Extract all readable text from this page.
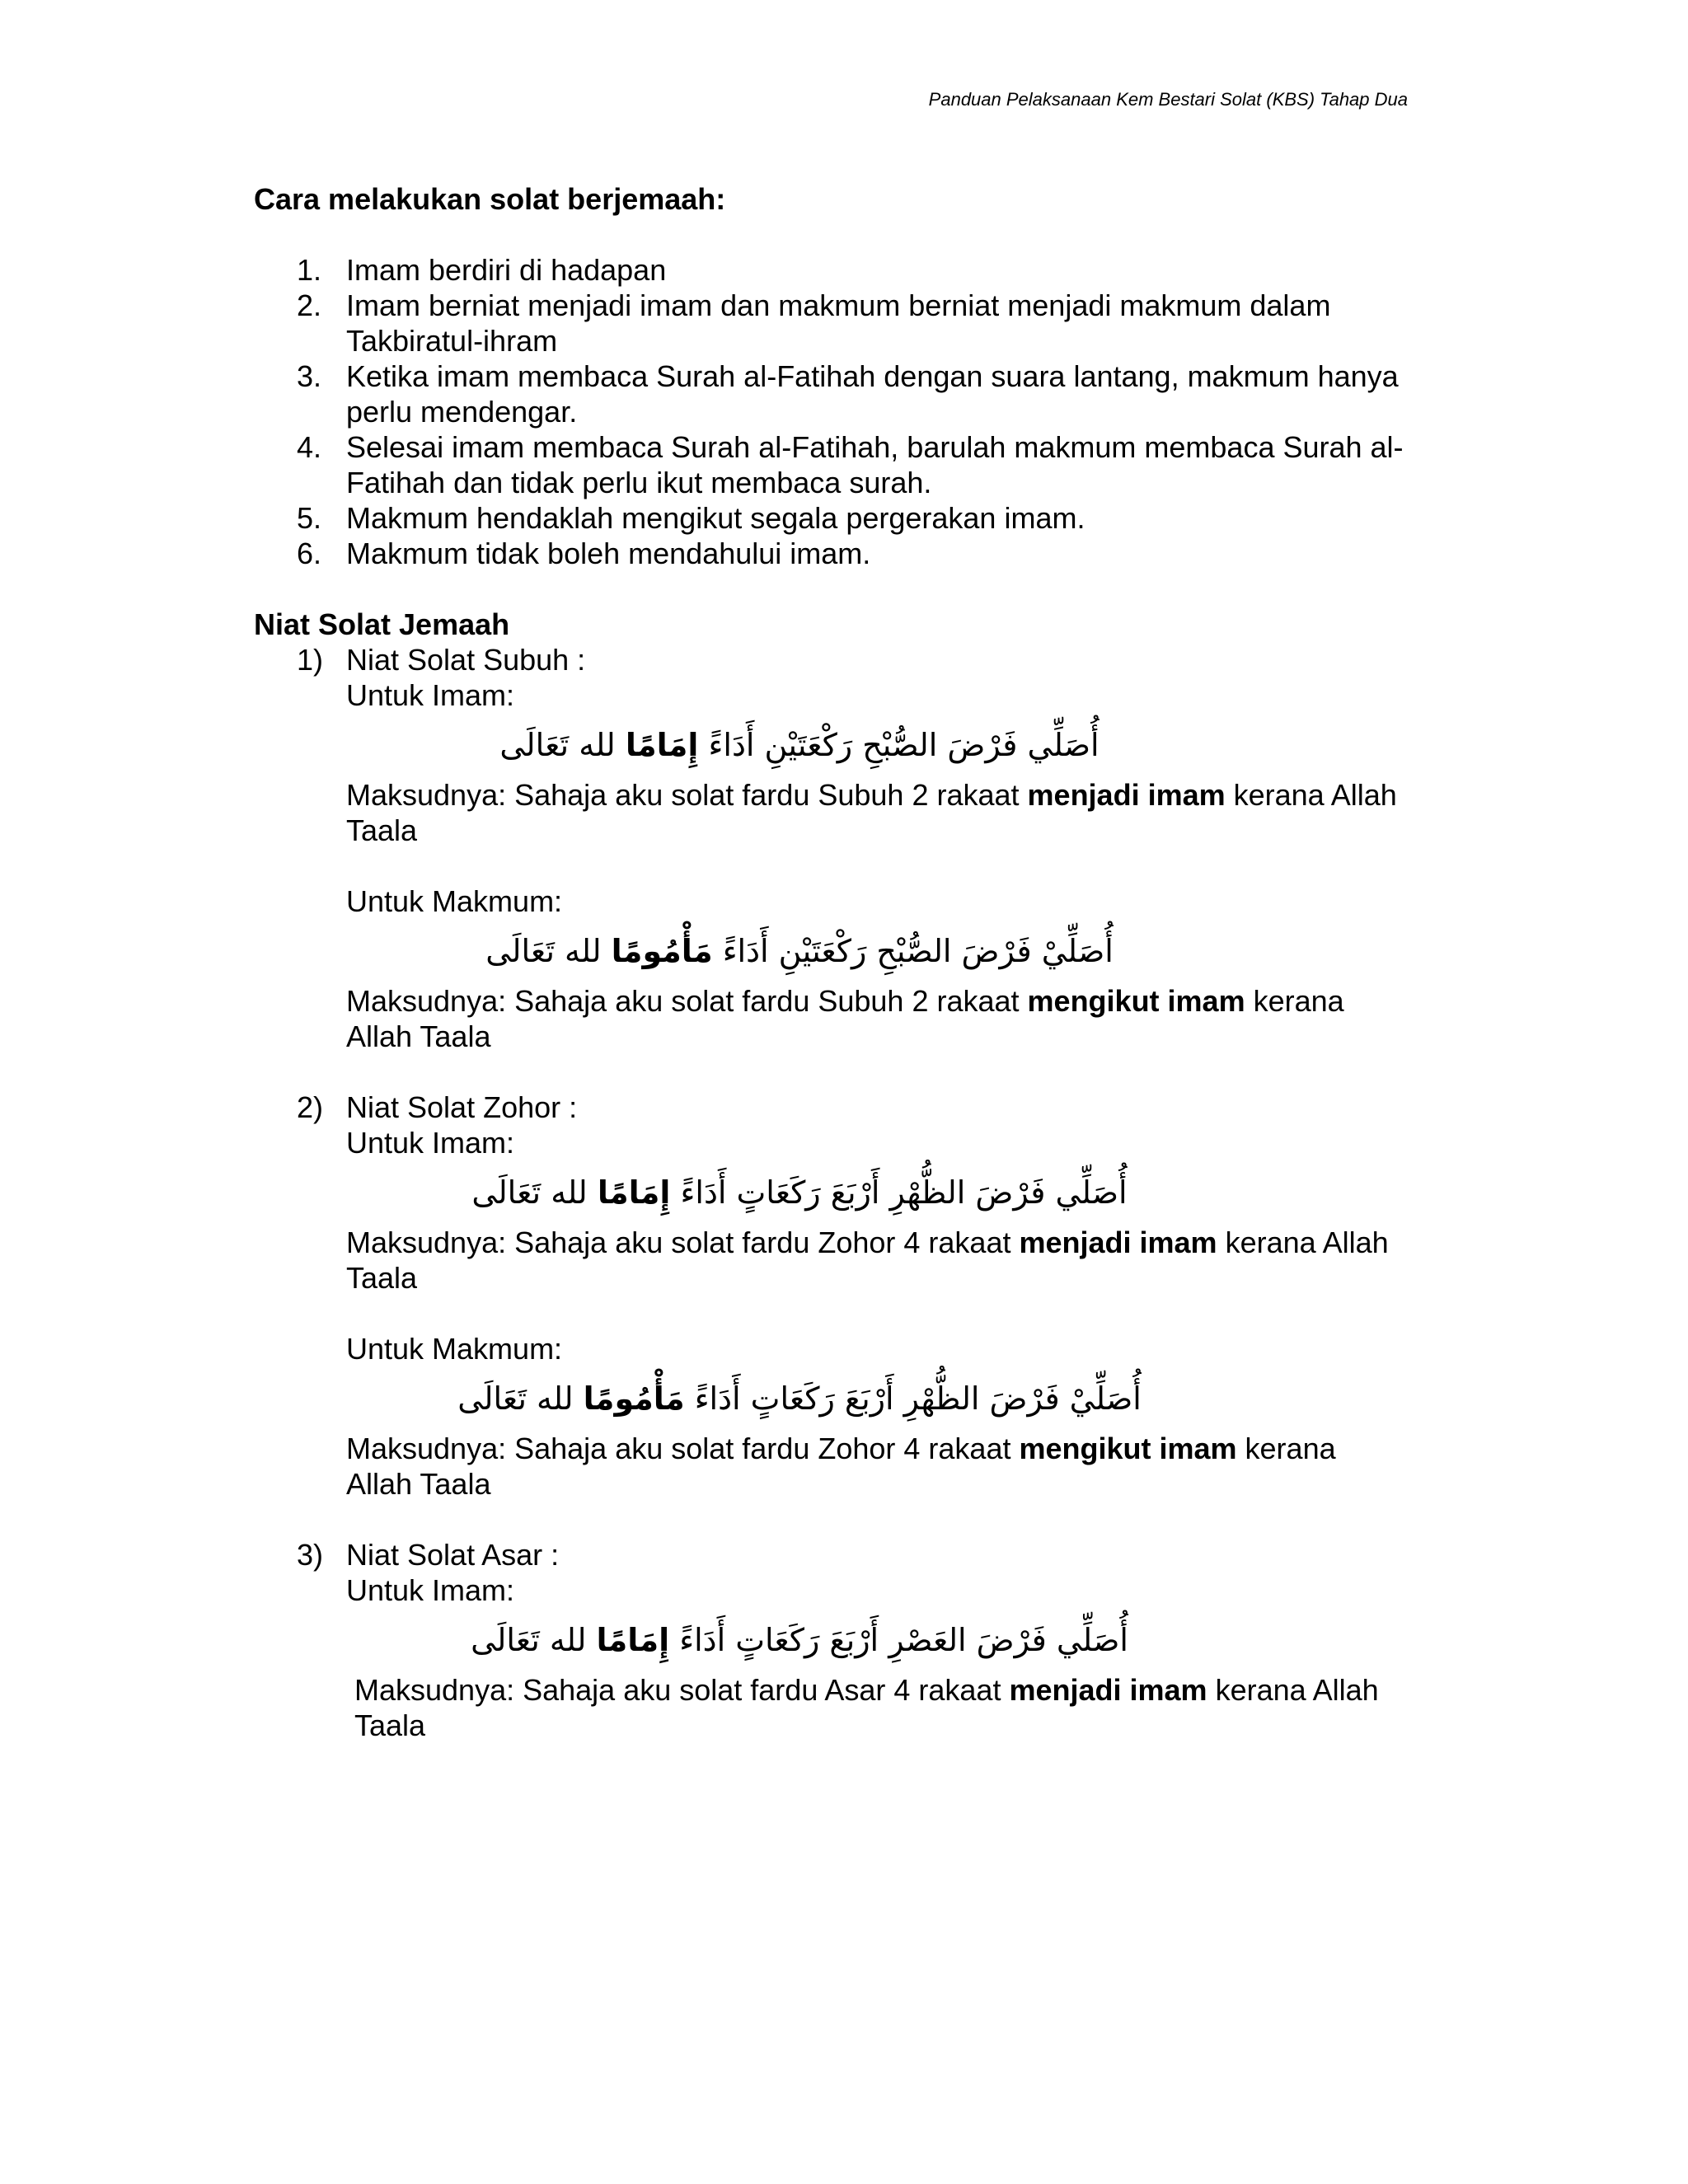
Panduan Pelaksanaan Kem Bestari Solat (KBS) Tahap Dua

Cara melakukan solat berjemaah:

1. Imam berdiri di hadapan
2. Imam berniat menjadi imam dan makmum berniat menjadi makmum dalam Takbiratul-ihram
3. Ketika imam membaca Surah al-Fatihah dengan suara lantang, makmum hanya perlu mendengar.
4. Selesai imam membaca Surah al-Fatihah, barulah makmum membaca Surah al-Fatihah dan tidak perlu ikut membaca surah.
5. Makmum hendaklah mengikut segala pergerakan imam.
6. Makmum tidak boleh mendahului imam.

Niat Solat Jemaah

1) Niat Solat Subuh :
Untuk Imam:
أُصَلِّي فَرْضَ الصُّبْحِ رَكْعَتَيْنِ أَدَاءً إِمَامًا لله تَعَالَى
Maksudnya: Sahaja aku solat fardu Subuh 2 rakaat menjadi imam kerana Allah Taala
Untuk Makmum:
أُصَلِّيْ فَرْضَ الصُّبْحِ رَكْعَتَيْنِ أَدَاءً مَأْمُومًا لله تَعَالَى
Maksudnya: Sahaja aku solat fardu Subuh 2 rakaat mengikut imam kerana Allah Taala
2) Niat Solat Zohor :
Untuk Imam:
أُصَلِّي فَرْضَ الظُّهْرِ أَرْبَعَ رَكَعَاتٍ أَدَاءً إِمَامًا لله تَعَالَى
Maksudnya: Sahaja aku solat fardu Zohor 4 rakaat menjadi imam kerana Allah Taala
Untuk Makmum:
أُصَلِّيْ فَرْضَ الظُّهْرِ أَرْبَعَ رَكَعَاتٍ أَدَاءً مَأْمُومًا لله تَعَالَى
Maksudnya: Sahaja aku solat fardu Zohor 4 rakaat mengikut imam kerana Allah Taala
3) Niat Solat Asar :
Untuk Imam:
أُصَلِّي فَرْضَ العَصْرِ أَرْبَعَ رَكَعَاتٍ أَدَاءً إِمَامًا لله تَعَالَى
Maksudnya: Sahaja aku solat fardu Asar 4 rakaat menjadi imam kerana Allah Taala
